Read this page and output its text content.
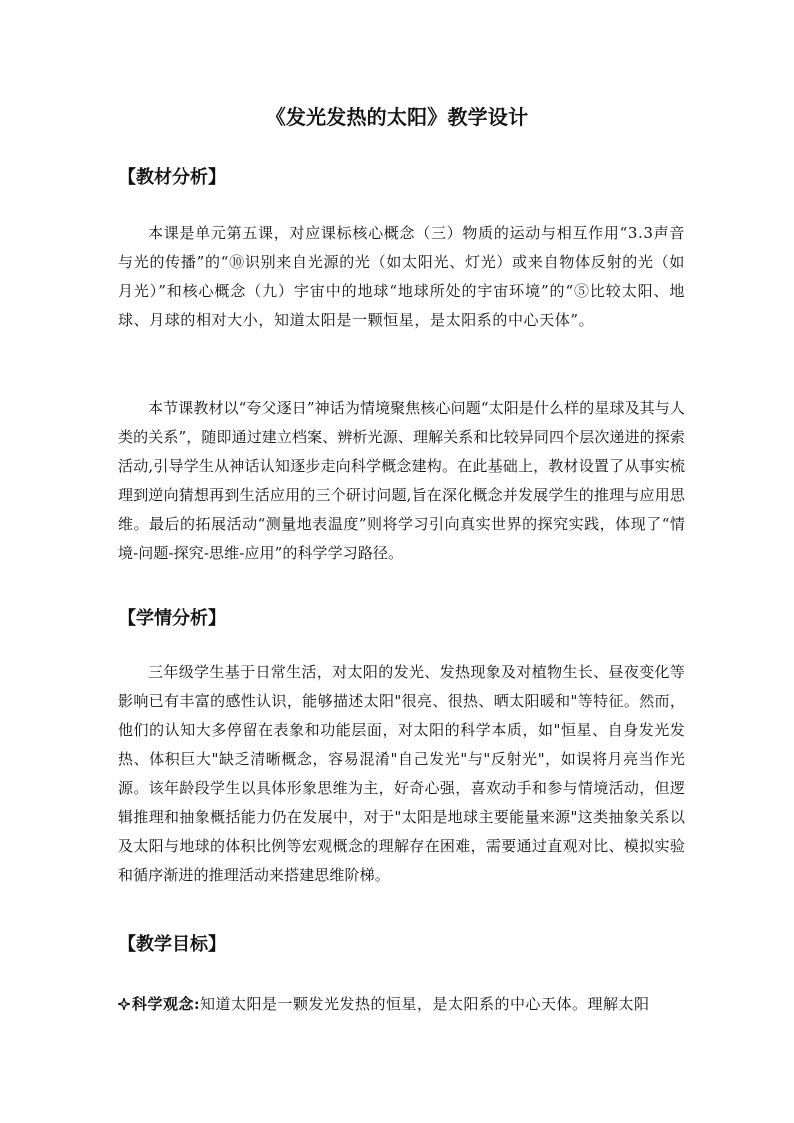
《发光发热的太阳》教学设计
【教材分析】

本课是单元第五课，对应课标核心概念（三）物质的运动与相互作用“3.3声音与光的传播”的“⑩识别来自光源的光（如太阳光、灯光）或来自物体反射的光（如月光）”和核心概念（九）宇宙中的地球“地球所处的宇宙环境”的“⑤比较太阳、地球、月球的相对大小，知道太阳是一颗恒星，是太阳系的中心天体”。

本节课教材以“夸父逐日”神话为情境聚焦核心问题“太阳是什么样的星球及其与人类的关系”，随即通过建立档案、辨析光源、理解关系和比较异同四个层次递进的探索活动,引导学生从神话认知逐步走向科学概念建构。在此基础上，教材设置了从事实梳理到逆向猜想再到生活应用的三个研讨问题,旨在深化概念并发展学生的推理与应用思维。最后的拓展活动“测量地表温度”则将学习引向真实世界的探究实践，体现了“情境-问题-探究-思维-应用”的科学学习路径。

【学情分析】

三年级学生基于日常生活，对太阳的发光、发热现象及对植物生长、昼夜变化等影响已有丰富的感性认识，能够描述太阳"很亮、很热、晒太阳暖和"等特征。然而，他们的认知大多停留在表象和功能层面，对太阳的科学本质，如"恒星、自身发光发热、体积巨大"缺乏清晰概念，容易混淆"自己发光"与"反射光"，如误将月亮当作光源。该年龄段学生以具体形象思维为主，好奇心强，喜欢动手和参与情境活动，但逻辑推理和抽象概括能力仍在发展中，对于"太阳是地球主要能量来源"这类抽象关系以及太阳与地球的体积比例等宏观概念的理解存在困难，需要通过直观对比、模拟实验和循序渐进的推理活动来搭建思维阶梯。

【教学目标】

科学观念:知道太阳是一颗发光发热的恒星，是太阳系的中心天体。理解太阳
